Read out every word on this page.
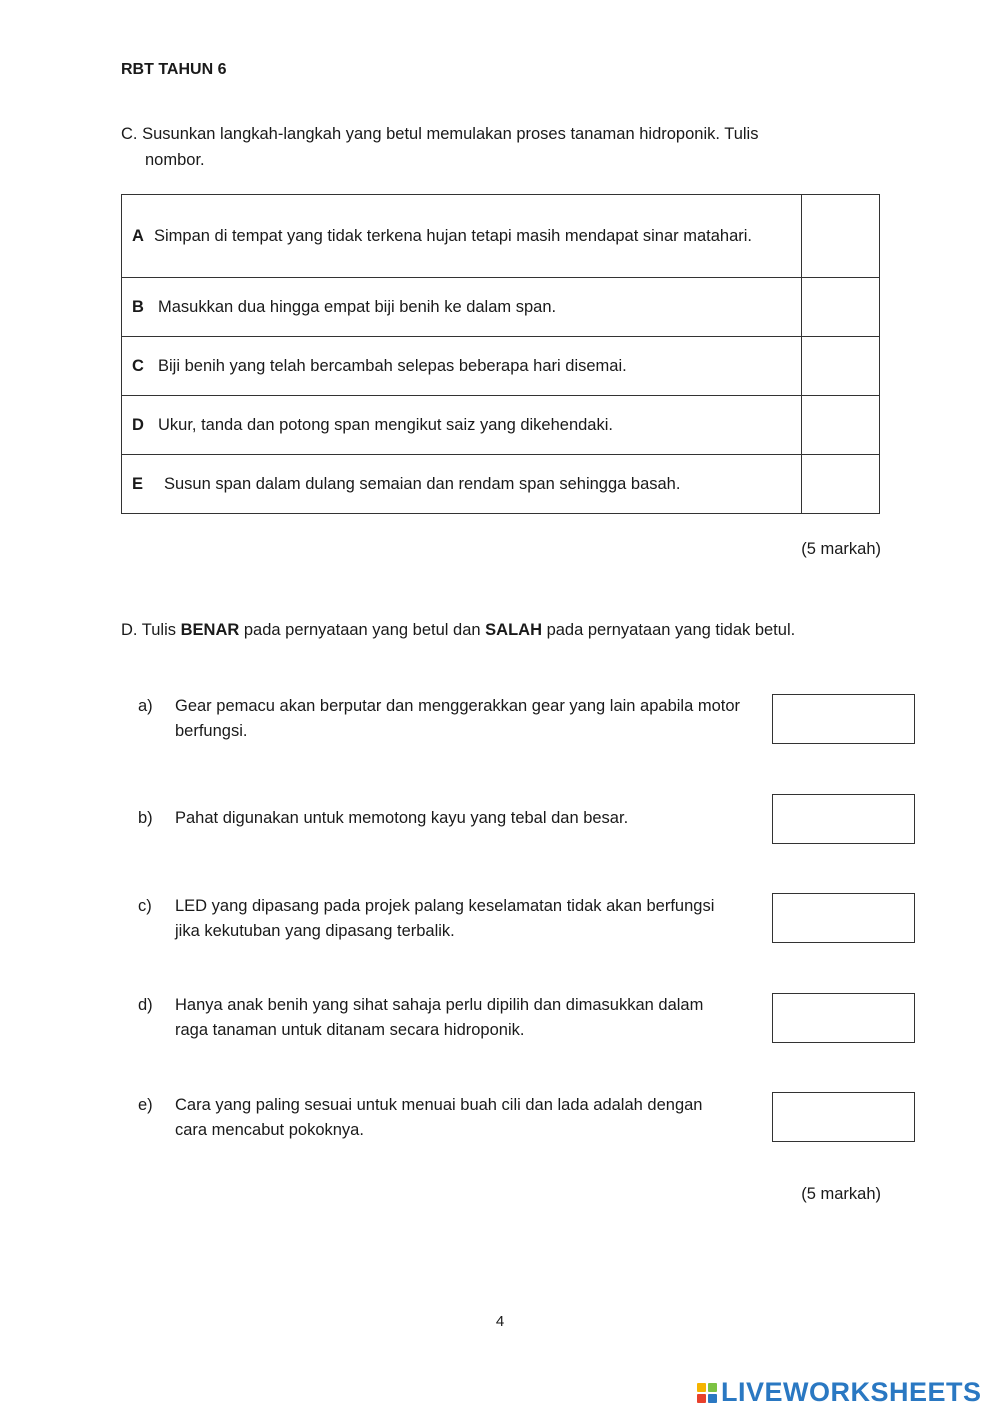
RBT TAHUN 6
C. Susunkan langkah-langkah yang betul memulakan proses tanaman hidroponik. Tulis
nombor.
A Simpan di tempat yang tidak terkena hujan tetapi masih mendapat sinar matahari.	

B Masukkan dua hingga empat biji benih ke dalam span.	
C Biji benih yang telah bercambah selepas beberapa hari disemai.	
D Ukur, tanda dan potong span mengikut saiz yang dikehendaki.	
E Susun span dalam dulang semaian dan rendam span sehingga basah.	
(5 markah)
D. Tulis BENAR pada pernyataan yang betul dan SALAH pada pernyataan yang tidak betul.
a)	Gear pemacu akan berputar dan menggerakkan gear yang lain apabila motor berfungsi.
b)	Pahat digunakan untuk memotong kayu yang tebal dan besar.
c)	LED yang dipasang pada projek palang keselamatan tidak akan berfungsi jika kekutuban yang dipasang terbalik.
d)	Hanya anak benih yang sihat sahaja perlu dipilih dan dimasukkan dalam raga tanaman untuk ditanam secara hidroponik.
e)	Cara yang paling sesuai untuk menuai buah cili dan lada adalah dengan cara mencabut pokoknya.
(5 markah)
4
LIVEWORKSHEETS
